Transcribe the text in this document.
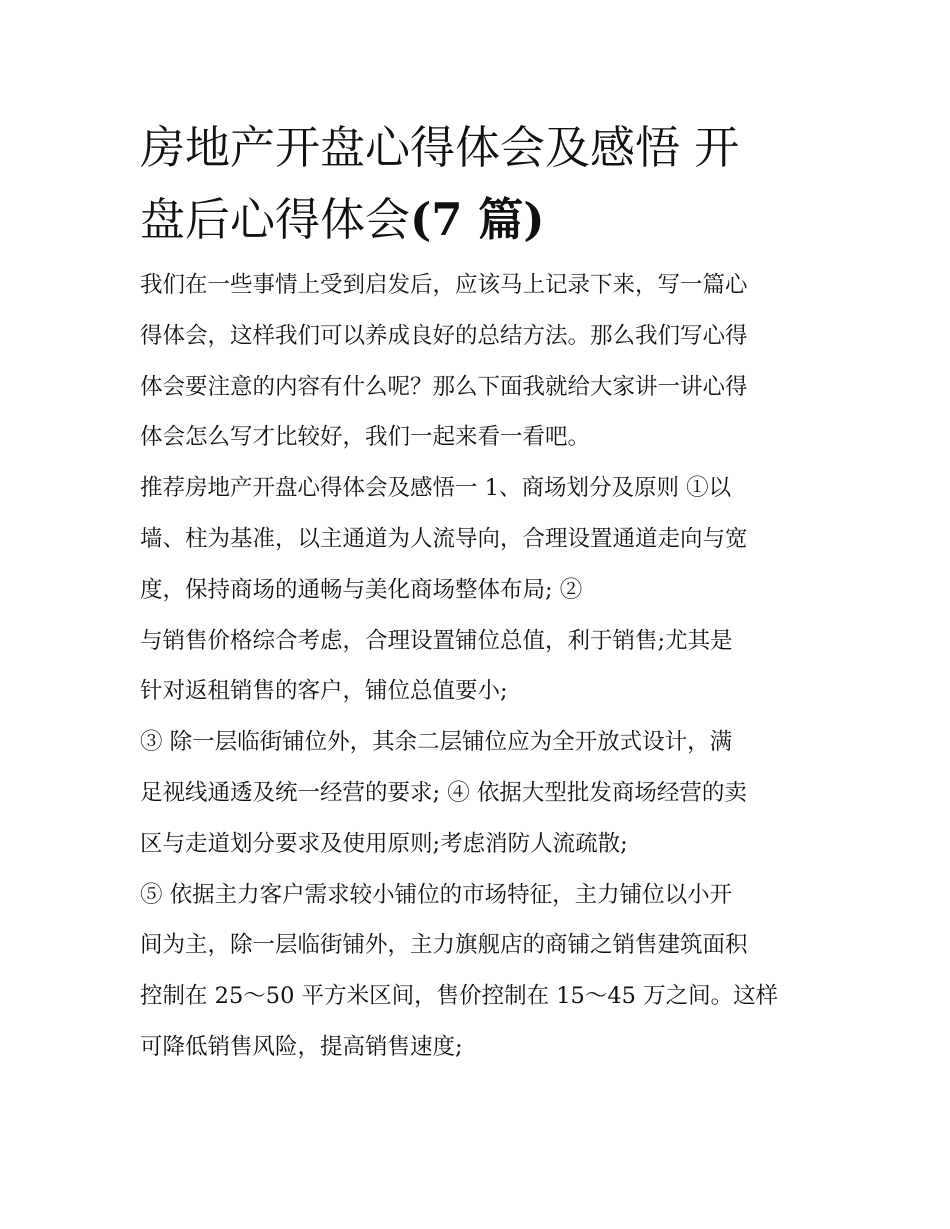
房地产开盘心得体会及感悟 开
盘后心得体会(7 篇)

我们在一些事情上受到启发后，应该马上记录下来，写一篇心
得体会，这样我们可以养成良好的总结方法。那么我们写心得
体会要注意的内容有什么呢？那么下面我就给大家讲一讲心得
体会怎么写才比较好，我们一起来看一看吧。

推荐房地产开盘心得体会及感悟一 1、商场划分及原则 ①以
墙、柱为基准，以主通道为人流导向，合理设置通道走向与宽
度，保持商场的通畅与美化商场整体布局; ②

与销售价格综合考虑，合理设置铺位总值，利于销售;尤其是
针对返租销售的客户，铺位总值要小;

③ 除一层临街铺位外，其余二层铺位应为全开放式设计，满
足视线通透及统一经营的要求; ④ 依据大型批发商场经营的卖
区与走道划分要求及使用原则;考虑消防人流疏散;

⑤ 依据主力客户需求较小铺位的市场特征，主力铺位以小开
间为主，除一层临街铺外，主力旗舰店的商铺之销售建筑面积
控制在 25～50 平方米区间，售价控制在 15～45 万之间。这样
可降低销售风险，提高销售速度;
